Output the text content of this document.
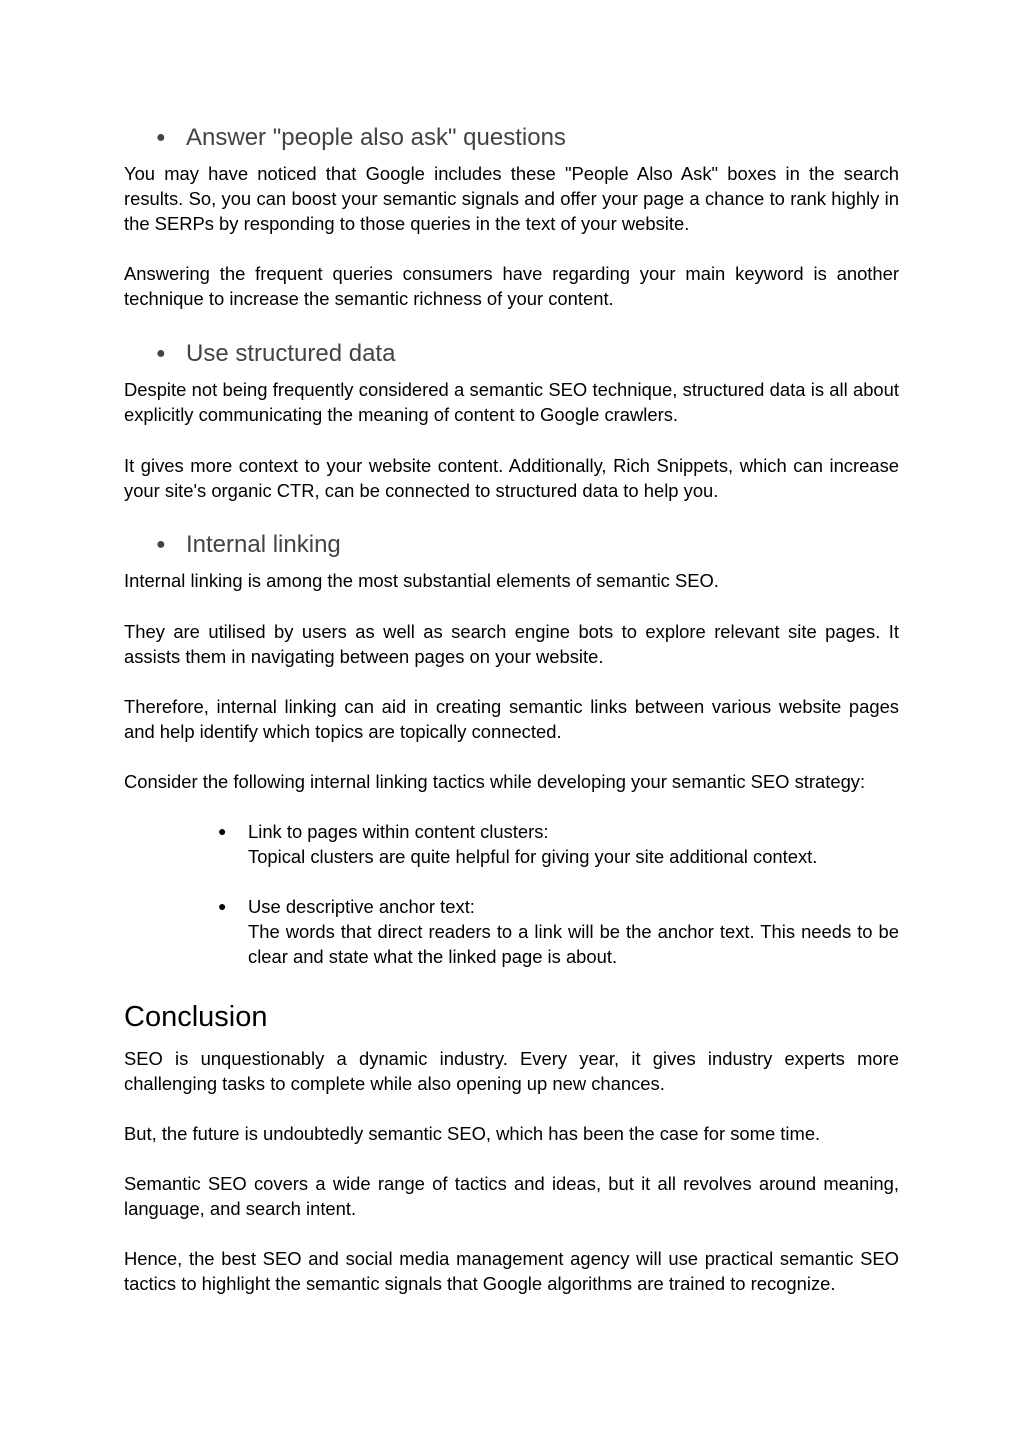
● Answer "people also ask" questions
You may have noticed that Google includes these "People Also Ask" boxes in the search results. So, you can boost your semantic signals and offer your page a chance to rank highly in the SERPs by responding to those queries in the text of your website.
Answering the frequent queries consumers have regarding your main keyword is another technique to increase the semantic richness of your content.
● Use structured data
Despite not being frequently considered a semantic SEO technique, structured data is all about explicitly communicating the meaning of content to Google crawlers.
It gives more context to your website content. Additionally, Rich Snippets, which can increase your site's organic CTR, can be connected to structured data to help you.
● Internal linking
Internal linking is among the most substantial elements of semantic SEO.
They are utilised by users as well as search engine bots to explore relevant site pages. It assists them in navigating between pages on your website.
Therefore, internal linking can aid in creating semantic links between various website pages and help identify which topics are topically connected.
Consider the following internal linking tactics while developing your semantic SEO strategy:
● Link to pages within content clusters:
Topical clusters are quite helpful for giving your site additional context.
● Use descriptive anchor text:
The words that direct readers to a link will be the anchor text. This needs to be clear and state what the linked page is about.
Conclusion
SEO is unquestionably a dynamic industry. Every year, it gives industry experts more challenging tasks to complete while also opening up new chances.
But, the future is undoubtedly semantic SEO, which has been the case for some time.
Semantic SEO covers a wide range of tactics and ideas, but it all revolves around meaning, language, and search intent.
Hence, the best SEO and social media management agency will use practical semantic SEO tactics to highlight the semantic signals that Google algorithms are trained to recognize.
